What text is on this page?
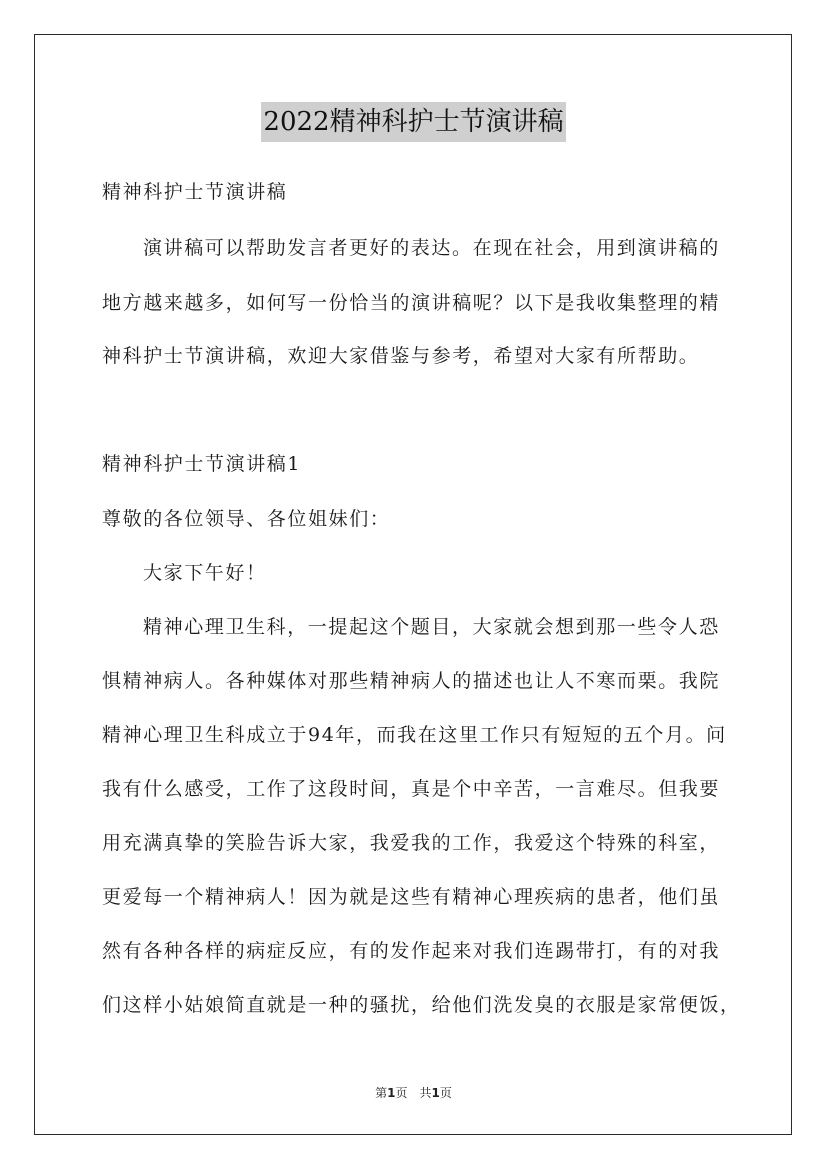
2022精神科护士节演讲稿
精神科护士节演讲稿
演讲稿可以帮助发言者更好的表达。在现在社会，用到演讲稿的
地方越来越多，如何写一份恰当的演讲稿呢？以下是我收集整理的精
神科护士节演讲稿，欢迎大家借鉴与参考，希望对大家有所帮助。
精神科护士节演讲稿1
尊敬的各位领导、各位姐妹们：
大家下午好！
精神心理卫生科，一提起这个题目，大家就会想到那一些令人恐
惧精神病人。各种媒体对那些精神病人的描述也让人不寒而栗。我院
精神心理卫生科成立于94年，而我在这里工作只有短短的五个月。问
我有什么感受，工作了这段时间，真是个中辛苦，一言难尽。但我要
用充满真挚的笑脸告诉大家，我爱我的工作，我爱这个特殊的科室，
更爱每一个精神病人！因为就是这些有精神心理疾病的患者，他们虽
然有各种各样的病症反应，有的发作起来对我们连踢带打，有的对我
们这样小姑娘简直就是一种的骚扰，给他们洗发臭的衣服是家常便饭，
第1页 共1页
